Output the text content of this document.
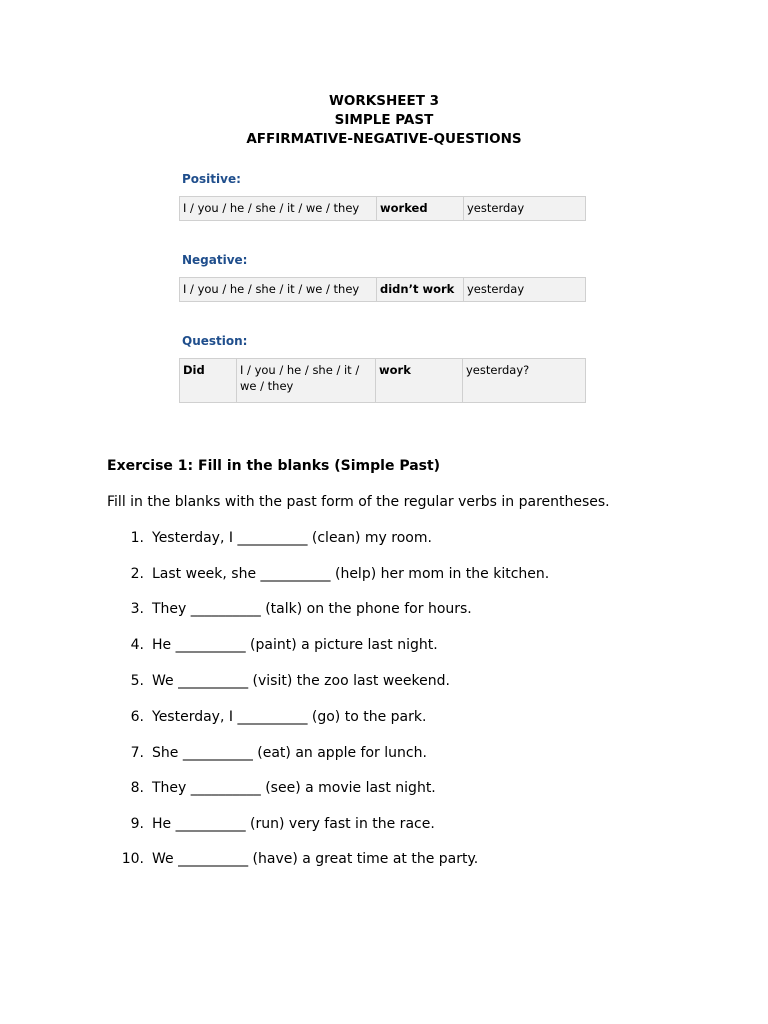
WORKSHEET 3
SIMPLE PAST
AFFIRMATIVE-NEGATIVE-QUESTIONS
Positive:
I / you / he / she / it / we / they	worked	yesterday
Negative:
I / you / he / she / it / we / they	didn’t work	yesterday
Question:
Did	I / you / he / she / it / we / they	work	yesterday?
Exercise 1: Fill in the blanks (Simple Past)
Fill in the blanks with the past form of the regular verbs in parentheses.
1. Yesterday, I __________ (clean) my room.
2. Last week, she __________ (help) her mom in the kitchen.
3. They __________ (talk) on the phone for hours.
4. He __________ (paint) a picture last night.
5. We __________ (visit) the zoo last weekend.
6. Yesterday, I __________ (go) to the park.
7. She __________ (eat) an apple for lunch.
8. They __________ (see) a movie last night.
9. He __________ (run) very fast in the race.
10. We __________ (have) a great time at the party.
